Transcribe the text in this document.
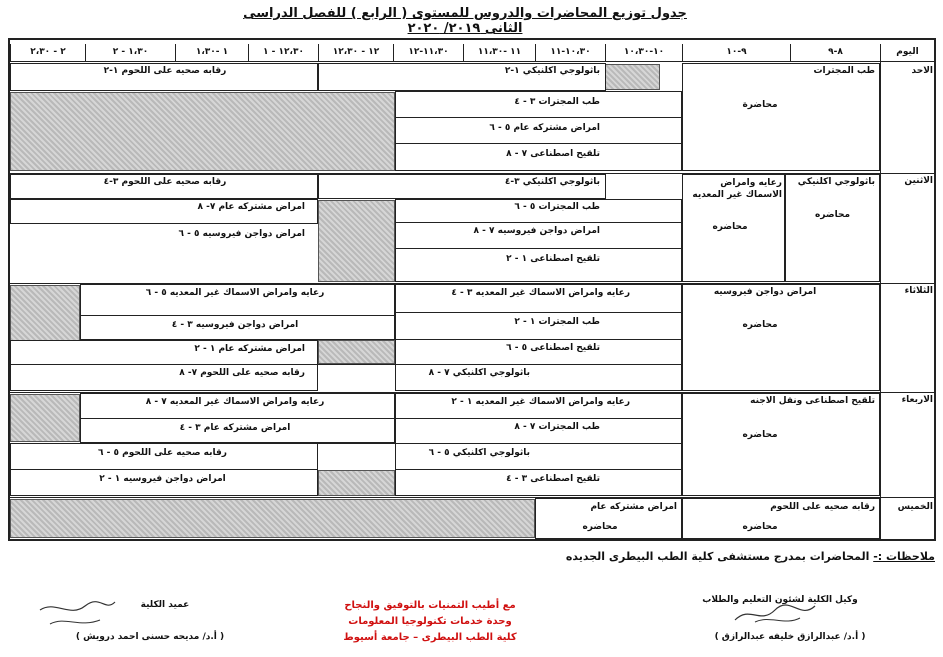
جدول توزيع المحاضرات والدروس للمستوى ( الرابع ) للفصل الدراسى الثانى ٢٠١٩/ ٢٠٢٠
اليوم
٨-٩
٩-١٠
١٠-١٠،٣٠
١٠،٣٠-١١
١١ -١١،٣٠
١١،٣٠-١٢
١٢ - ١٢،٣٠
١٢،٣٠ - ١
١ -١،٣٠
١،٣٠ - ٢
٢ - ٢،٣٠
الاحد
طب المجترات
محاضرة
باثولوجي اكلنيكي ١-٢
رقابه صحيه على اللحوم ١-٢
طب المجترات ٣ - ٤
امراض مشتركه عام ٥ - ٦
تلقيح اصطناعى ٧ - ٨
الاثنين
باثولوجي اكلنيكي
محاضره
رعايه وامراض الاسماك غير المعديه
محاضره
باثولوجي اكلنيكي ٣-٤
رقابه صحيه على اللحوم ٣-٤
طب المجترات ٥ - ٦
امراض دواجن فيروسيه ٧ - ٨
تلقيح اصطناعى ١ - ٢
امراض مشتركه عام ٧- ٨
امراض دواجن فيروسيه ٥ - ٦
الثلاثاء
امراض دواجن فيروسيه
محاضره
رعايه وامراض الاسماك غير المعديه ٣ - ٤
طب المجترات ١ - ٢
تلقيح اصطناعى ٥ - ٦
باثولوجي اكلنيكي ٧ - ٨
رعايه وامراض الاسماك غير المعديه ٥ - ٦
امراض دواجن فيروسيه ٣ - ٤
امراض مشتركه عام ١ - ٢
رقابه صحيه على اللحوم ٧- ٨
الاربعاء
تلقيح اصطناعى ونقل الاجنه
محاضره
رعايه وامراض الاسماك غير المعديه ١ - ٢
طب المجترات ٧ - ٨
باثولوجي اكلنيكي ٥ - ٦
تلقيح اصطناعى ٣ - ٤
رعايه وامراض الاسماك غير المعديه ٧ - ٨
امراض مشتركه عام ٣ - ٤
رقابه صحيه على اللحوم ٥ - ٦
امراض دواجن فيروسيه ١ - ٢
الخميس
رقابه صحيه على اللحوم
محاضره
امراض مشتركه عام
محاضره
ملاحظات :- المحاضرات بمدرج مستشفى كلية الطب البيطرى الجديده
وكيل الكلية لشئون التعليم والطلاب
( أ.د/ عبدالرازق خليفه عبدالرازق )
مع أطيب التمنيات بالتوفيق والنجاح
وحدة خدمات تكنولوجيا المعلومات
كلية الطب البيطرى – جامعة أسيوط
عميد الكلية
( أ.د/ مديحه حسنى احمد درويش )
